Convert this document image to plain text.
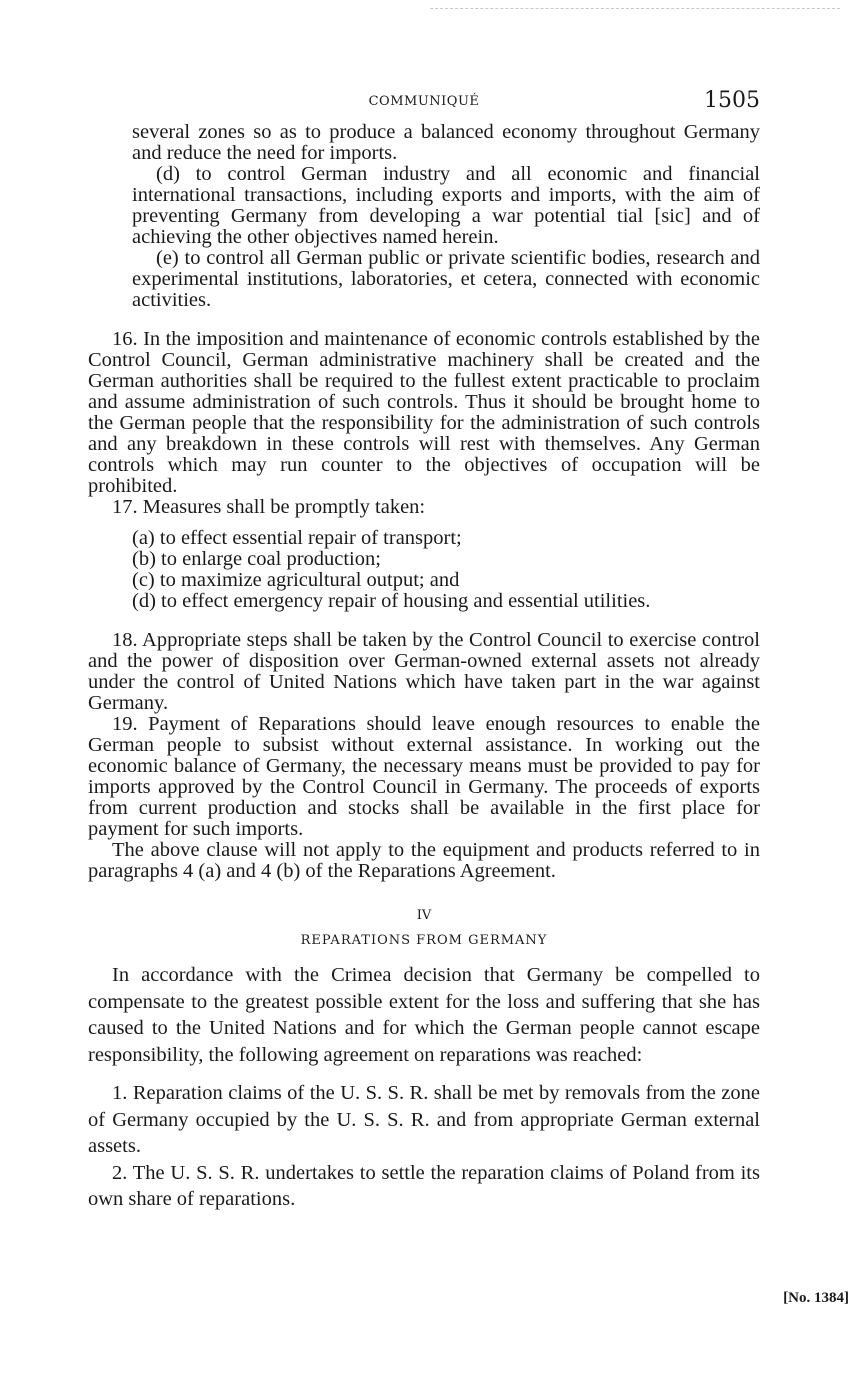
COMMUNIQUÉ	1505

several zones so as to produce a balanced economy throughout Germany and reduce the need for imports.

(d) to control German industry and all economic and financial international transactions, including exports and imports, with the aim of preventing Germany from developing a war potential tial [sic] and of achieving the other objectives named herein.

(e) to control all German public or private scientific bodies, research and experimental institutions, laboratories, et cetera, connected with economic activities.

16. In the imposition and maintenance of economic controls established by the Control Council, German administrative machinery shall be created and the German authorities shall be required to the fullest extent practicable to proclaim and assume administration of such controls. Thus it should be brought home to the German people that the responsibility for the administration of such controls and any breakdown in these controls will rest with themselves. Any German controls which may run counter to the objectives of occupation will be prohibited.

17. Measures shall be promptly taken:

(a) to effect essential repair of transport;
(b) to enlarge coal production;
(c) to maximize agricultural output; and
(d) to effect emergency repair of housing and essential utilities.

18. Appropriate steps shall be taken by the Control Council to exercise control and the power of disposition over German-owned external assets not already under the control of United Nations which have taken part in the war against Germany.

19. Payment of Reparations should leave enough resources to enable the German people to subsist without external assistance. In working out the economic balance of Germany, the necessary means must be provided to pay for imports approved by the Control Council in Germany. The proceeds of exports from current production and stocks shall be available in the first place for payment for such imports.

The above clause will not apply to the equipment and products referred to in paragraphs 4 (a) and 4 (b) of the Reparations Agreement.

IV
REPARATIONS FROM GERMANY

In accordance with the Crimea decision that Germany be compelled to compensate to the greatest possible extent for the loss and suffering that she has caused to the United Nations and for which the German people cannot escape responsibility, the following agreement on reparations was reached:

1. Reparation claims of the U. S. S. R. shall be met by removals from the zone of Germany occupied by the U. S. S. R. and from appropriate German external assets.

2. The U. S. S. R. undertakes to settle the reparation claims of Poland from its own share of reparations.

[No. 1384]
